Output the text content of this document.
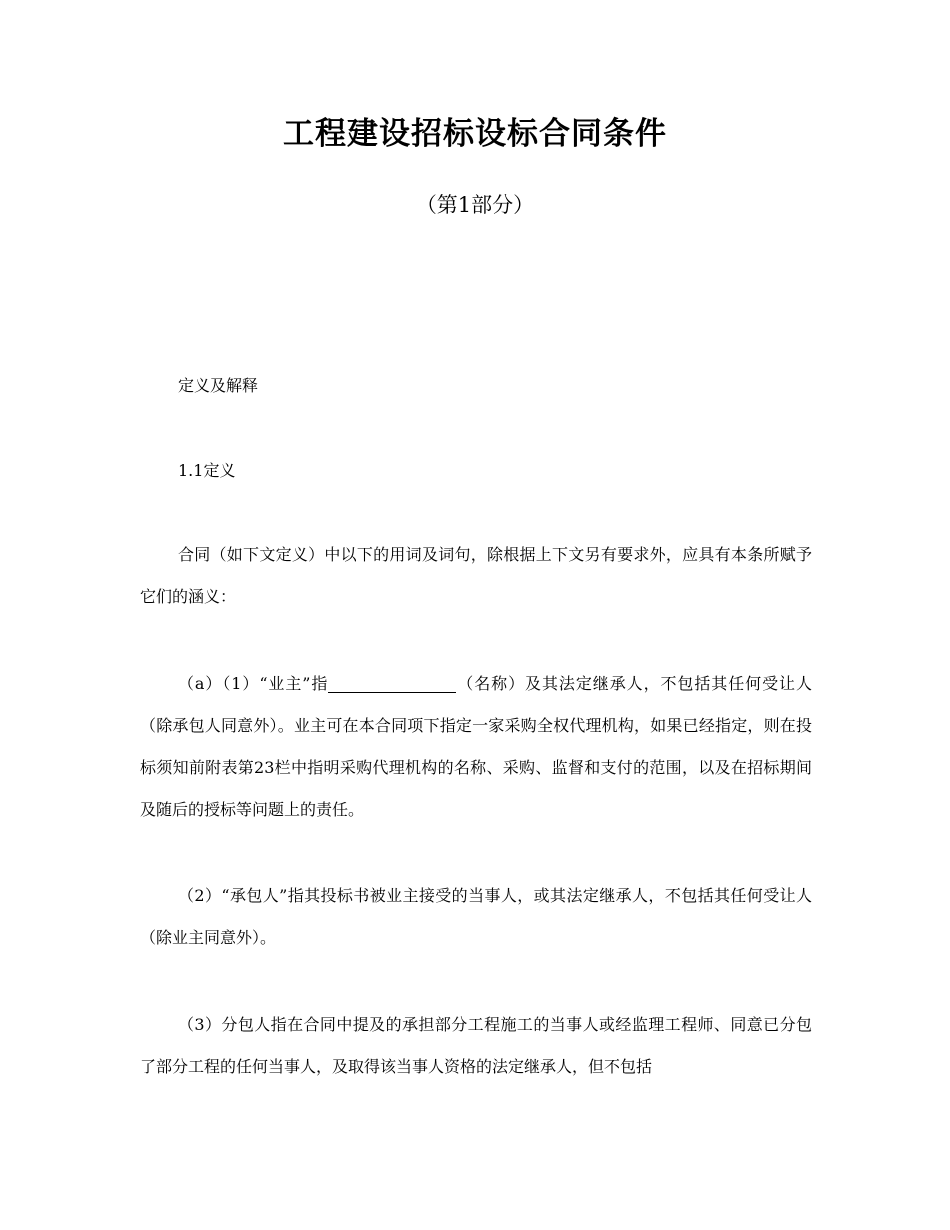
工程建设招标设标合同条件
（第1部分）

定义及解释

1.1定义

合同（如下文定义）中以下的用词及词句，除根据上下文另有要求外，应具有本条所赋予它们的涵义：

（a）（1）“业主”指	（名称）及其法定继承人，不包括其任何受让人（除承包人同意外）。业主可在本合同项下指定一家采购全权代理机构，如果已经指定，则在投标须知前附表第23栏中指明采购代理机构的名称、采购、监督和支付的范围，以及在招标期间及随后的授标等问题上的责任。

（2）“承包人”指其投标书被业主接受的当事人，或其法定继承人，不包括其任何受让人（除业主同意外）。

（3）分包人指在合同中提及的承担部分工程施工的当事人或经监理工程师、同意已分包了部分工程的任何当事人，及取得该当事人资格的法定继承人，但不包括
